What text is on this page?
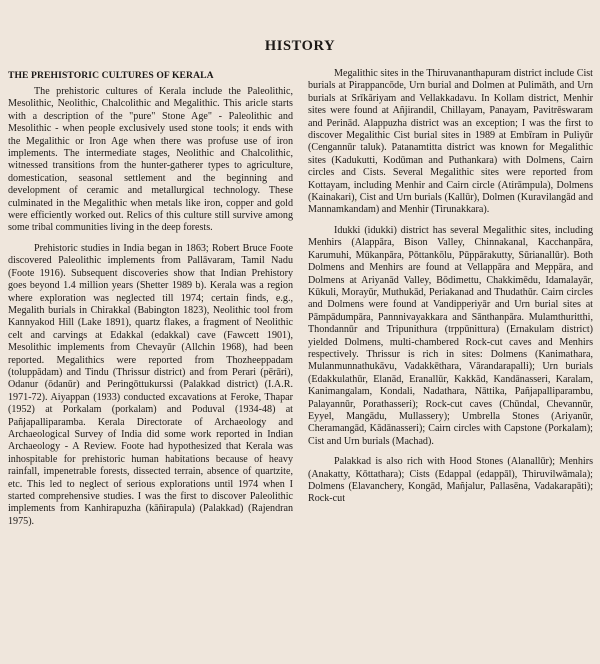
HISTORY
THE PREHISTORIC CULTURES OF KERALA

The prehistoric cultures of Kerala include the Paleolithic, Mesolithic, Neolithic, Chalcolithic and Megalithic. This aricle starts with a description of the "pure" Stone Age" - Paleolithic and Mesolithic - when people exclusively used stone tools; it ends with the Megalithic or Iron Age when there was profuse use of iron implements. The intermediate stages, Neolithic and Chalcolithic, witnessed transitions from the hunter-gatherer types to agriculture, domestication, seasonal settlement and the beginning and development of ceramic and metallurgical technology. These culminated in the Megalithic when metals like iron, copper and gold were efficiently worked out. Relics of this culture still survive among some tribal communities living in the deep forests.

Prehistoric studies in India began in 1863; Robert Bruce Foote discovered Paleolithic implements from Pallāvaram, Tamil Nadu (Foote 1916). Subsequent discoveries show that Indian Prehistory goes beyond 1.4 million years (Shetter 1989 b). Kerala was a region where exploration was neglected till 1974; certain finds, e.g., Megalith burials in Chirakkal (Babington 1823), Neolithic tool from Kannyakod Hill (Lake 1891), quartz flakes, a fragment of Neolithic celt and carvings at Edakkal (edakkal) cave (Fawcett 1901), Mesolithic implements from Chevayūr (Allchin 1968), had been reported. Megalithics were reported from Thozheeppadam (toluppādam) and Tindu (Thrissur district) and from Perari (pērāri), Odanur (ōdanūr) and Peringōttukurssi (Palakkad district) (I.A.R. 1971-72). Aiyappan (1933) conducted excavations at Feroke, Thapar (1952) at Porkalam (porkalam) and Poduval (1934-48) at Pañjapalliparamba. Kerala Directorate of Archaeology and Archaeological Survey of India did some work reported in Indian Archaeology - A Review. Foote had hypothesized that Kerala was inhospitable for prehistoric human habitations because of heavy rainfall, impenetrable forests, dissected terrain, absence of quartzite, etc. This led to neglect of serious explorations until 1974 when I started comprehensive studies. I was the first to discover Paleolithic implements from Kanhirapuzha (kāñirapula) (Palakkad) (Rajendran 1975).

Megalithic sites in the Thiruvananthapuram district include Cist burials at Pirappancōde, Urn burial and Dolmen at Pulimāth, and Urn burials at Srīkāriyam and Vellakkadavu. In Kollam district, Menhir sites were found at Añjirandil, Chillayam, Panayam, Pavitrēswaram and Perinād. Alappuzha district was an exception; I was the first to discover Megalithic Cist burial sites in 1989 at Embīram in Puliyūr (Cengannūr taluk). Patanamtitta district was known for Megalithic sites (Kadukutti, Kodūman and Puthankara) with Dolmens, Cairn circles and Cists. Several Megalithic sites were reported from Kottayam, including Menhir and Cairn circle (Atirāmpula), Dolmens (Kainakari), Cist and Urn burials (Kallūr), Dolmen (Kuravilangād and Mannamkandam) and Menhir (Tirunakkara).

Idukki (idukki) district has several Megalithic sites, including Menhirs (Alappāra, Bison Valley, Chinnakanal, Kacchanpāra, Karumuhi, Mūkanpāra, Pōttankōlu, Pūppārakutty, Sūrianallūr). Both Dolmens and Menhirs are found at Vellappāra and Meppāra, and Dolmens at Ariyanād Valley, Bōdimettu, Chakkimēdu, Idamalayār, Kūkuli, Morayūr, Muthukād, Periakanad and Thudathūr. Cairn circles and Dolmens were found at Vandipperiyār and Urn burial sites at Pāmpādumpāra, Pannnivayakkara and Sānthanpāra. Mulamthuritthi, Thondannūr and Tripunithura (trppūnittura) (Ernakulam district) yielded Dolmens, multi-chambered Rock-cut caves and Menhirs respectively. Thrissur is rich in sites: Dolmens (Kanimathara, Mulanmunnathukāvu, Vadakkēthara, Vārandarapalli); Urn burials (Edakkulathūr, Elanād, Eranallūr, Kakkād, Kandānasseri, Karalam, Kanimangalam, Kondali, Nadathara, Nāttika, Pañjapalliparambu, Palayannūr, Porathasseri); Rock-cut caves (Chūndal, Chevannūr, Eyyel, Mangādu, Mullassery); Umbrella Stones (Ariyanūr, Cheramangād, Kādānasseri); Cairn circles with Capstone (Porkalam); Cist and Urn burials (Machad).

Palakkad is also rich with Hood Stones (Alanallūr); Menhirs (Anakatty, Kōttathara); Cists (Edappal (edappāl), Thiruvilwāmala); Dolmens (Elavanchery, Kongād, Mañjalur, Pallasēna, Vadakarapāti); Rock-cut
